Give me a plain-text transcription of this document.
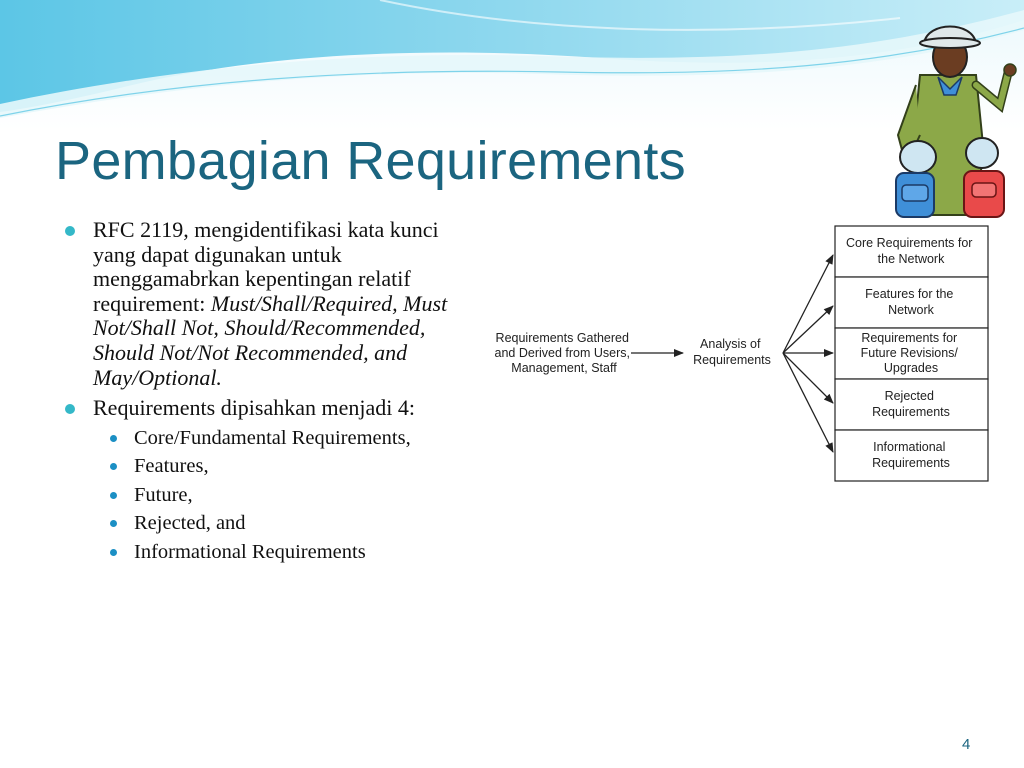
Pembagian Requirements
RFC 2119, mengidentifikasi kata kunci yang dapat digunakan untuk menggamabrkan kepentingan relatif requirement: Must/Shall/Required, Must Not/Shall Not, Should/Recommended, Should Not/Not Recommended, and May/Optional.
Requirements dipisahkan menjadi 4:
Core/Fundamental Requirements,
Features,
Future,
Rejected, and
Informational Requirements
Requirements Gathered and Derived from Users, Management, Staff
Analysis of Requirements
Core Requirements for the Network
Features for the Network
Requirements for Future Revisions/ Upgrades
Rejected Requirements
Informational Requirements
4
